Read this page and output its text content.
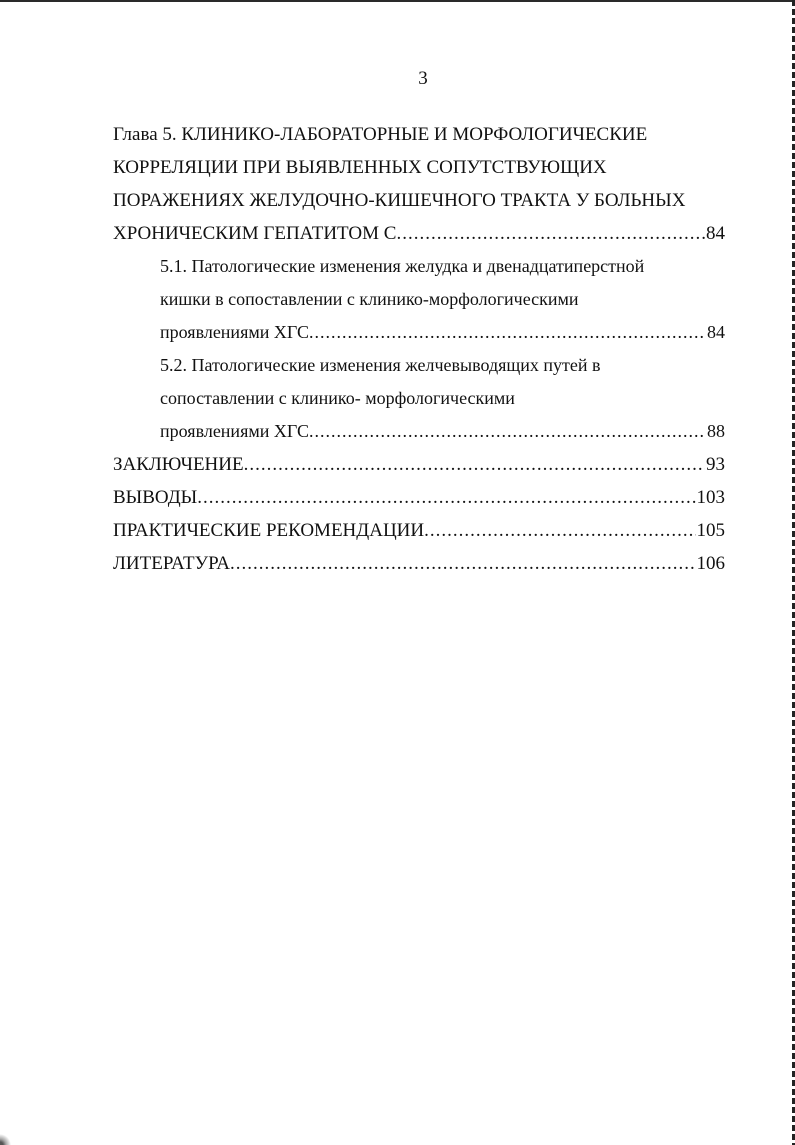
3
Глава 5. КЛИНИКО-ЛАБОРАТОРНЫЕ И МОРФОЛОГИЧЕСКИЕ
КОРРЕЛЯЦИИ ПРИ ВЫЯВЛЕННЫХ СОПУТСТВУЮЩИХ
ПОРАЖЕНИЯХ ЖЕЛУДОЧНО-КИШЕЧНОГО ТРАКТА У БОЛЬНЫХ
ХРОНИЧЕСКИМ ГЕПАТИТОМ С .....	84
5.1. Патологические изменения желудка и двенадцатиперстной
кишки в сопоставлении с клинико-морфологическими
проявлениями ХГС .....	84
5.2. Патологические изменения желчевыводящих путей в
сопоставлении с клинико- морфологическими
проявлениями ХГС .....	88
ЗАКЛЮЧЕНИЕ .....	93
ВЫВОДЫ .....	103
ПРАКТИЧЕСКИЕ РЕКОМЕНДАЦИИ .....	105
ЛИТЕРАТУРА .....	106
